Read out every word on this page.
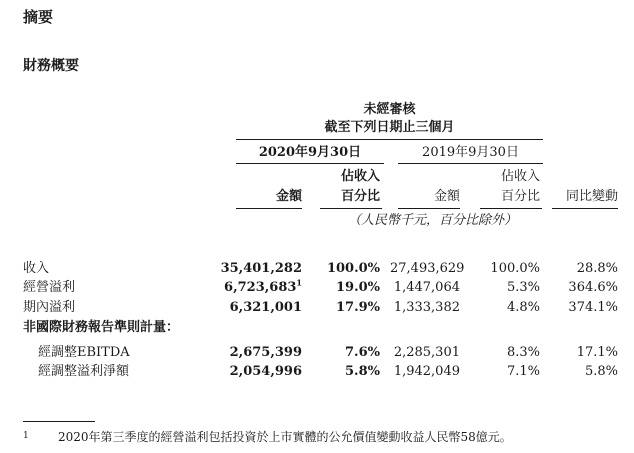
摘要
財務概要
未經審核
截至下列日期止三個月
2020年9月30日	2019年9月30日
佔收入	佔收入
金額	百分比	金額	百分比	同比變動
（人民幣千元，百分比除外）
收入	35,401,282	100.0% 27,493,629	100.0%	28.8%
經營溢利	6,723,683$^1$	19.0% 1,447,064	5.3%	364.6%
期內溢利	6,321,001	17.9% 1,333,382	4.8%	374.1%
非國際財務報告準則計量：
經調整EBITDA	2,675,399	7.6% 2,285,301	8.3%	17.1%
經調整溢利淨額	2,054,996	5.8% 1,942,049	7.1%	5.8%
1 2020年第三季度的經營溢利包括投資於上市實體的公允價值變動收益人民幣58億元。
